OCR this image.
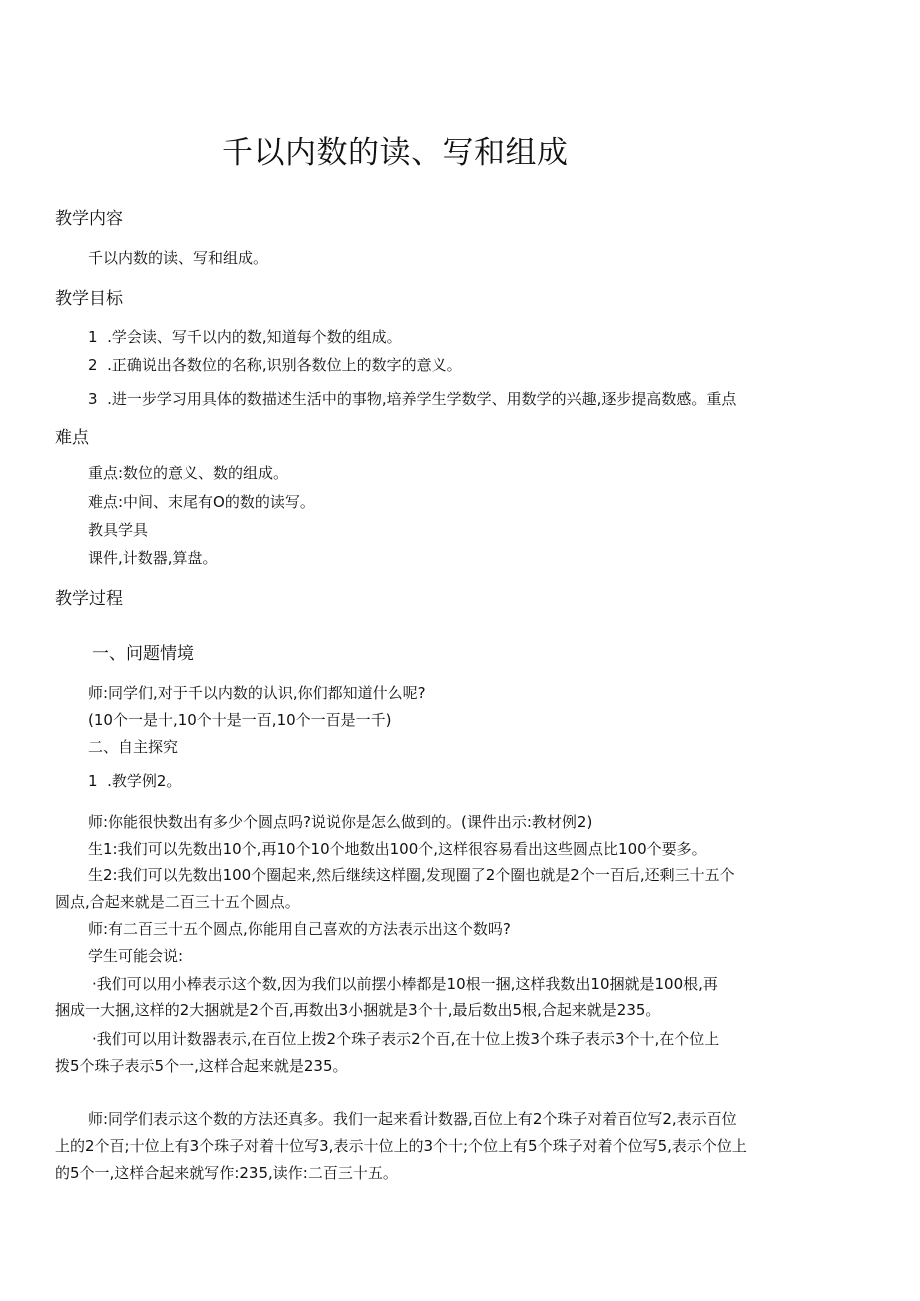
千以内数的读、写和组成
教学内容
千以内数的读、写和组成。
教学目标
1  .学会读、写千以内的数,知道每个数的组成。
2  .正确说出各数位的名称,识别各数位上的数字的意义。
3  .进一步学习用具体的数描述生活中的事物,培养学生学数学、用数学的兴趣,逐步提高数感。重点
难点
重点:数位的意义、数的组成。
难点:中间、末尾有O的数的读写。
教具学具
课件,计数器,算盘。
教学过程
一、问题情境
师:同学们,对于千以内数的认识,你们都知道什么呢?
(10个一是十,10个十是一百,10个一百是一千)
二、自主探究
1  .教学例2。
师:你能很快数出有多少个圆点吗?说说你是怎么做到的。(课件出示:教材例2)
生1:我们可以先数出10个,再10个10个地数出100个,这样很容易看出这些圆点比100个要多。
生2:我们可以先数出100个圈起来,然后继续这样圈,发现圈了2个圈也就是2个一百后,还剩三十五个
圆点,合起来就是二百三十五个圆点。
师:有二百三十五个圆点,你能用自己喜欢的方法表示出这个数吗?
学生可能会说:
·我们可以用小棒表示这个数,因为我们以前摆小棒都是10根一捆,这样我数出10捆就是100根,再
捆成一大捆,这样的2大捆就是2个百,再数出3小捆就是3个十,最后数出5根,合起来就是235。
·我们可以用计数器表示,在百位上拨2个珠子表示2个百,在十位上拨3个珠子表示3个十,在个位上
拨5个珠子表示5个一,这样合起来就是235。
师:同学们表示这个数的方法还真多。我们一起来看计数器,百位上有2个珠子对着百位写2,表示百位
上的2个百;十位上有3个珠子对着十位写3,表示十位上的3个十;个位上有5个珠子对着个位写5,表示个位上
的5个一,这样合起来就写作:235,读作:二百三十五。
